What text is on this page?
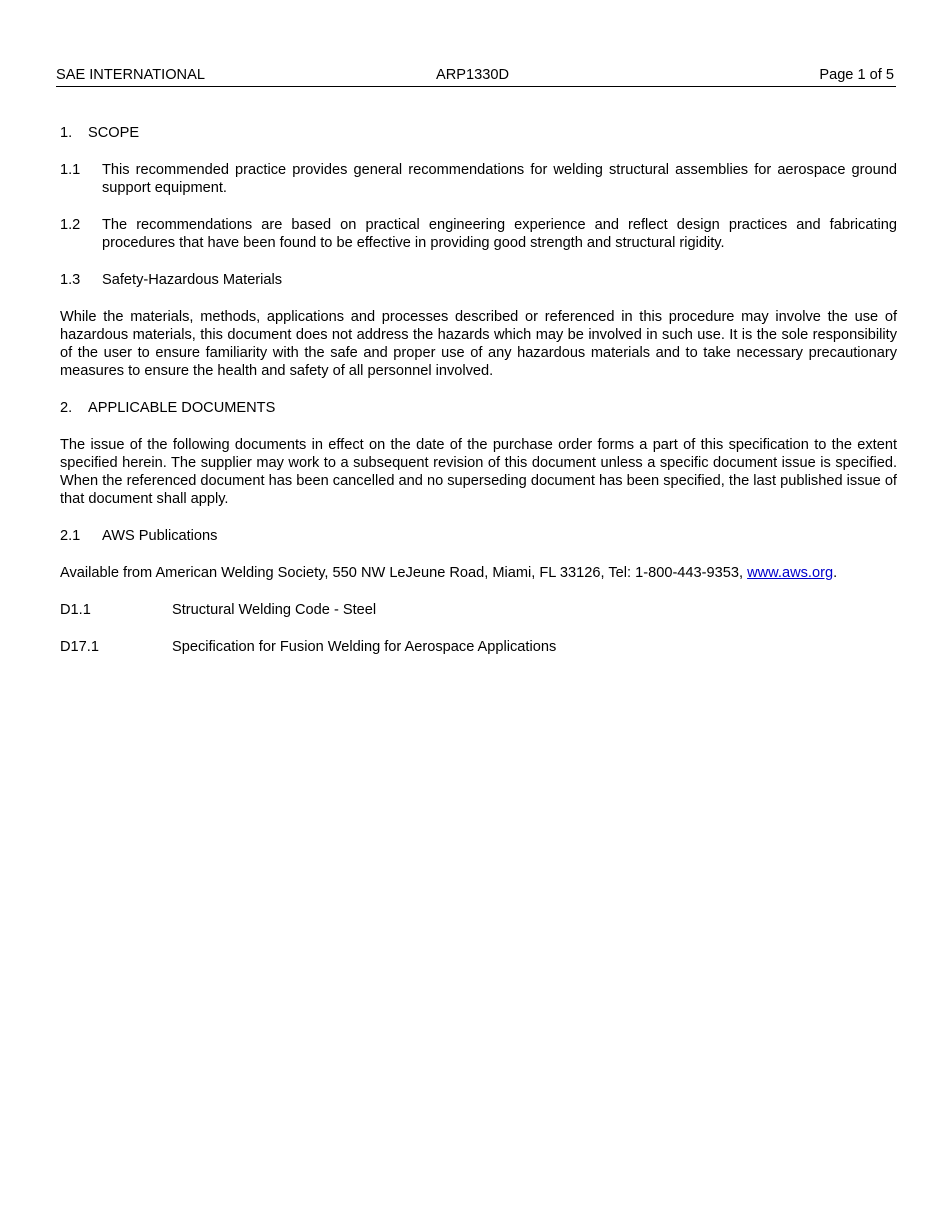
SAE INTERNATIONAL	ARP1330D	Page 1 of 5
1. SCOPE
1.1	This recommended practice provides general recommendations for welding structural assemblies for aerospace ground support equipment.
1.2	The recommendations are based on practical engineering experience and reflect design practices and fabricating procedures that have been found to be effective in providing good strength and structural rigidity.
1.3 Safety-Hazardous Materials
While the materials, methods, applications and processes described or referenced in this procedure may involve the use of hazardous materials, this document does not address the hazards which may be involved in such use. It is the sole responsibility of the user to ensure familiarity with the safe and proper use of any hazardous materials and to take necessary precautionary measures to ensure the health and safety of all personnel involved.
2. APPLICABLE DOCUMENTS
The issue of the following documents in effect on the date of the purchase order forms a part of this specification to the extent specified herein. The supplier may work to a subsequent revision of this document unless a specific document issue is specified. When the referenced document has been cancelled and no superseding document has been specified, the last published issue of that document shall apply.
2.1 AWS Publications
Available from American Welding Society, 550 NW LeJeune Road, Miami, FL 33126, Tel: 1-800-443-9353, www.aws.org.
D1.1	Structural Welding Code - Steel
D17.1	Specification for Fusion Welding for Aerospace Applications
